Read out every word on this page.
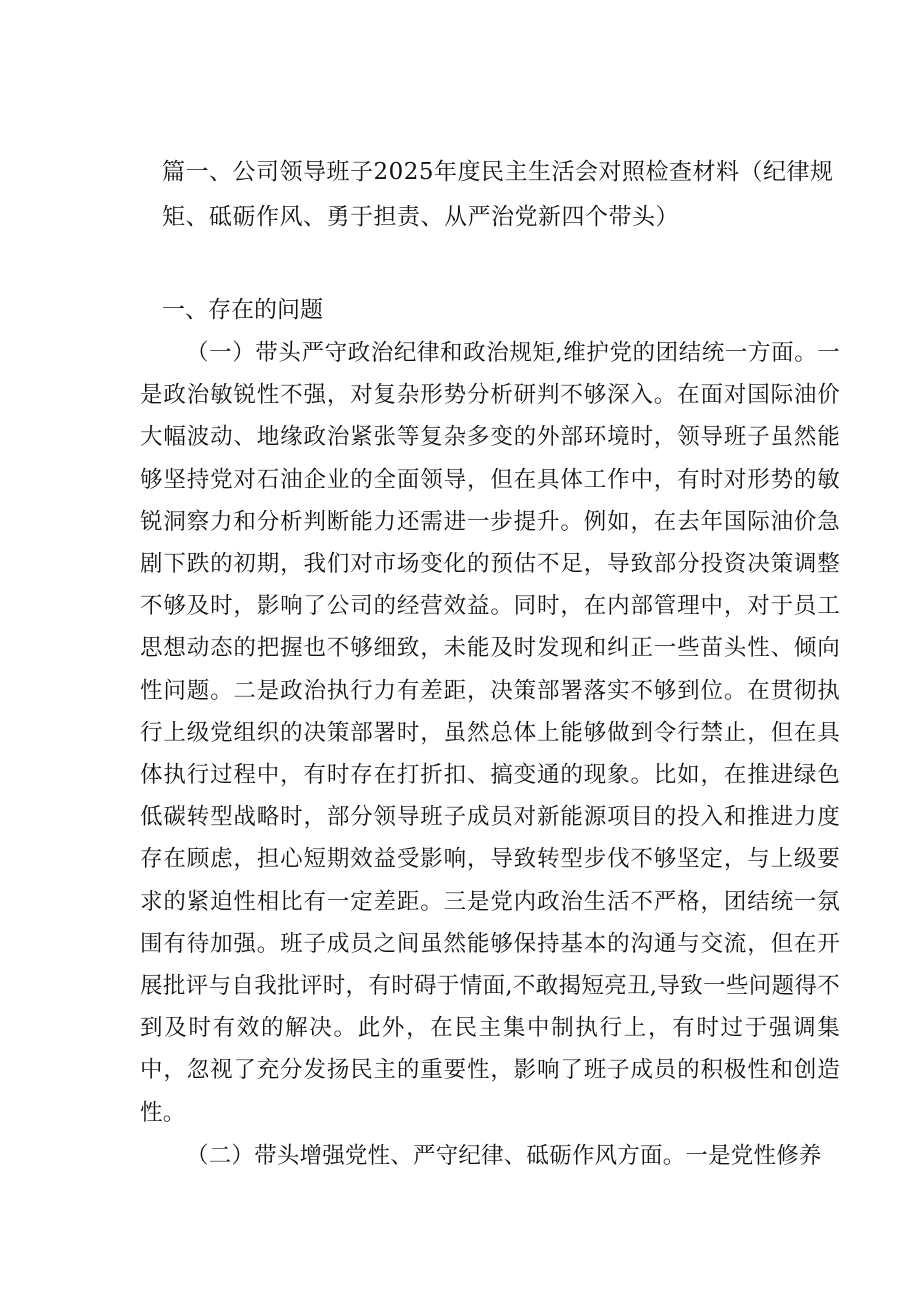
篇一、公司领导班子2025年度民主生活会对照检查材料（纪律规矩、砥砺作风、勇于担责、从严治党新四个带头）
一、存在的问题

（一）带头严守政治纪律和政治规矩,维护党的团结统一方面。一是政治敏锐性不强，对复杂形势分析研判不够深入。在面对国际油价大幅波动、地缘政治紧张等复杂多变的外部环境时，领导班子虽然能够坚持党对石油企业的全面领导，但在具体工作中，有时对形势的敏锐洞察力和分析判断能力还需进一步提升。例如，在去年国际油价急剧下跌的初期，我们对市场变化的预估不足，导致部分投资决策调整不够及时，影响了公司的经营效益。同时，在内部管理中，对于员工思想动态的把握也不够细致，未能及时发现和纠正一些苗头性、倾向性问题。二是政治执行力有差距，决策部署落实不够到位。在贯彻执行上级党组织的决策部署时，虽然总体上能够做到令行禁止，但在具体执行过程中，有时存在打折扣、搞变通的现象。比如，在推进绿色低碳转型战略时，部分领导班子成员对新能源项目的投入和推进力度存在顾虑，担心短期效益受影响，导致转型步伐不够坚定，与上级要求的紧迫性相比有一定差距。三是党内政治生活不严格，团结统一氛围有待加强。班子成员之间虽然能够保持基本的沟通与交流，但在开展批评与自我批评时，有时碍于情面,不敢揭短亮丑,导致一些问题得不到及时有效的解决。此外，在民主集中制执行上，有时过于强调集中，忽视了充分发扬民主的重要性，影响了班子成员的积极性和创造性。

（二）带头增强党性、严守纪律、砥砺作风方面。一是党性修养
